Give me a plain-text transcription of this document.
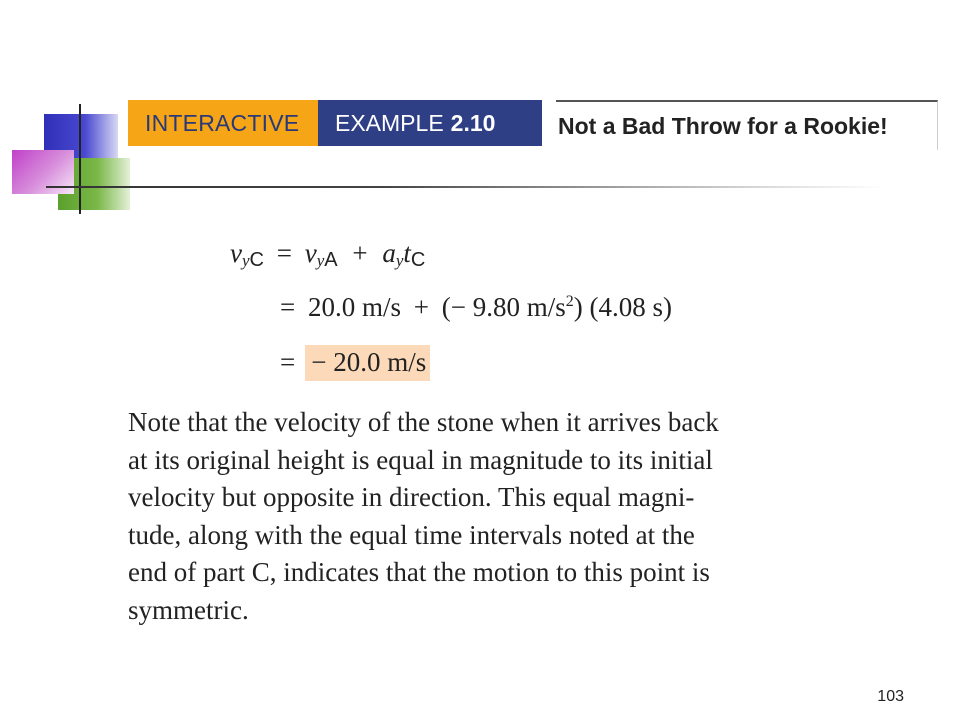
INTERACTIVE	EXAMPLE 2.10	Not a Bad Throw for a Rookie!
$v_yC = v_yA + a_ytC$
= 20.0 m/s + (− 9.80 $m/s^2$) (4.08 s)
= − 20.0 m/s
Note that the velocity of the stone when it arrives back
at its original height is equal in magnitude to its initial
velocity but opposite in direction. This equal magni-
tude, along with the equal time intervals noted at the
end of part C, indicates that the motion to this point is
symmetric.
103
